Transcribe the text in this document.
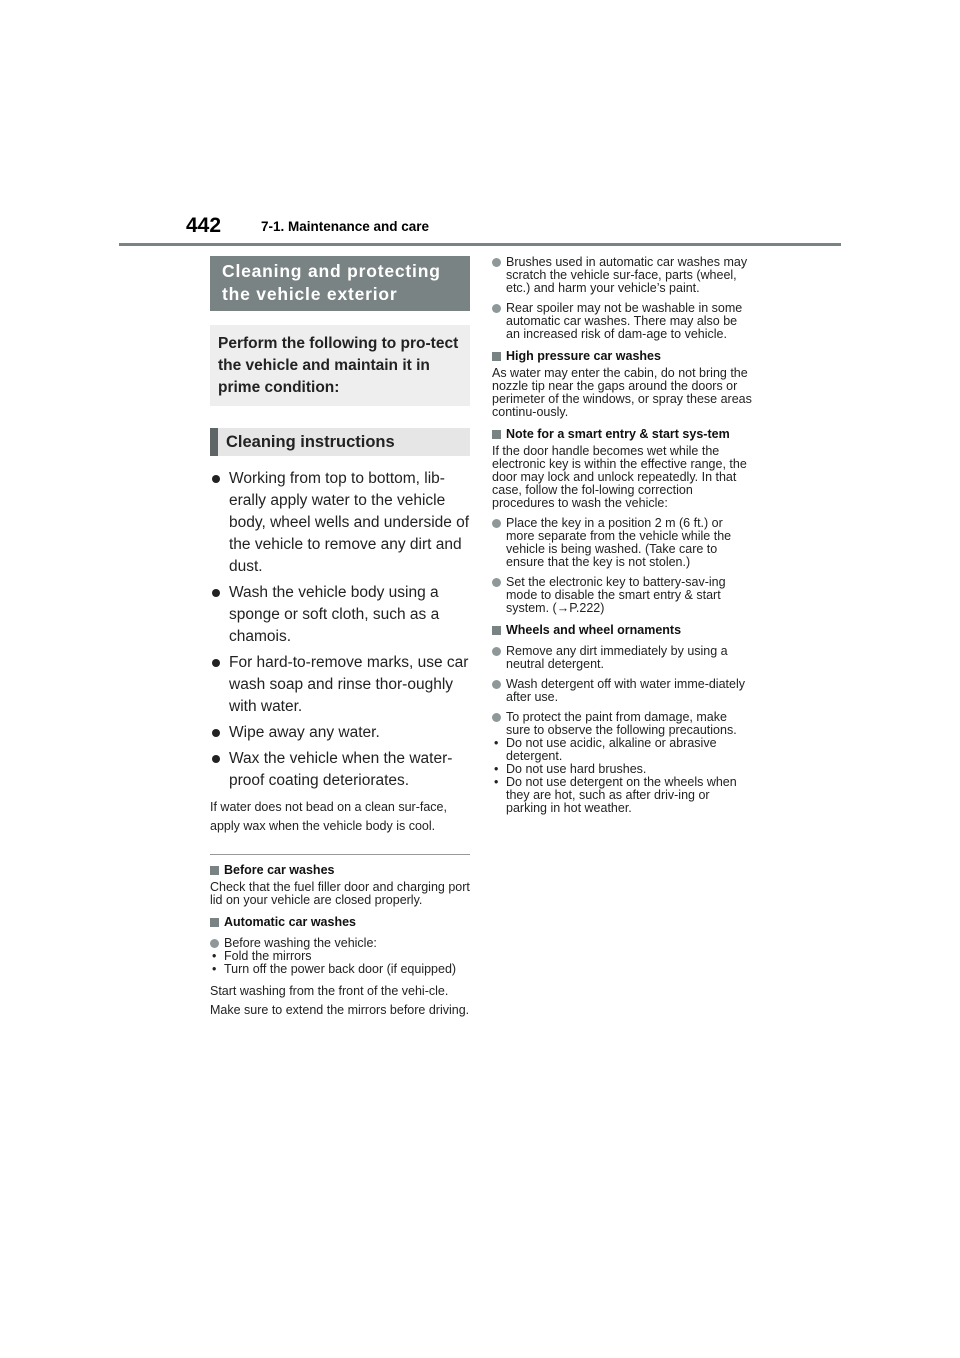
442	7-1. Maintenance and care
Cleaning and protecting
the vehicle exterior
Perform the following to pro-tect the vehicle and maintain it in prime condition:
Cleaning instructions
Working from top to bottom, lib-erally apply water to the vehicle body, wheel wells and underside of the vehicle to remove any dirt and dust.
Wash the vehicle body using a sponge or soft cloth, such as a chamois.
For hard-to-remove marks, use car wash soap and rinse thor-oughly with water.
Wipe away any water.
Wax the vehicle when the water-proof coating deteriorates.
If water does not bead on a clean sur-face, apply wax when the vehicle body is cool.
Before car washes
Check that the fuel filler door and charging port lid on your vehicle are closed properly.
Automatic car washes
Before washing the vehicle:
• Fold the mirrors
• Turn off the power back door (if equipped)
Start washing from the front of the vehi-cle. Make sure to extend the mirrors before driving.
Brushes used in automatic car washes may scratch the vehicle sur-face, parts (wheel, etc.) and harm your vehicle’s paint.
Rear spoiler may not be washable in some automatic car washes. There may also be an increased risk of dam-age to vehicle.
High pressure car washes
As water may enter the cabin, do not bring the nozzle tip near the gaps around the doors or perimeter of the windows, or spray these areas continu-ously.
Note for a smart entry & start sys-tem
If the door handle becomes wet while the electronic key is within the effective range, the door may lock and unlock repeatedly. In that case, follow the fol-lowing correction procedures to wash the vehicle:
Place the key in a position 2 m (6 ft.) or more separate from the vehicle while the vehicle is being washed. (Take care to ensure that the key is not stolen.)
Set the electronic key to battery-sav-ing mode to disable the smart entry & start system. (→P.222)
Wheels and wheel ornaments
Remove any dirt immediately by using a neutral detergent.
Wash detergent off with water imme-diately after use.
To protect the paint from damage, make sure to observe the following precautions.
• Do not use acidic, alkaline or abrasive detergent.
• Do not use hard brushes.
• Do not use detergent on the wheels when they are hot, such as after driv-ing or parking in hot weather.
